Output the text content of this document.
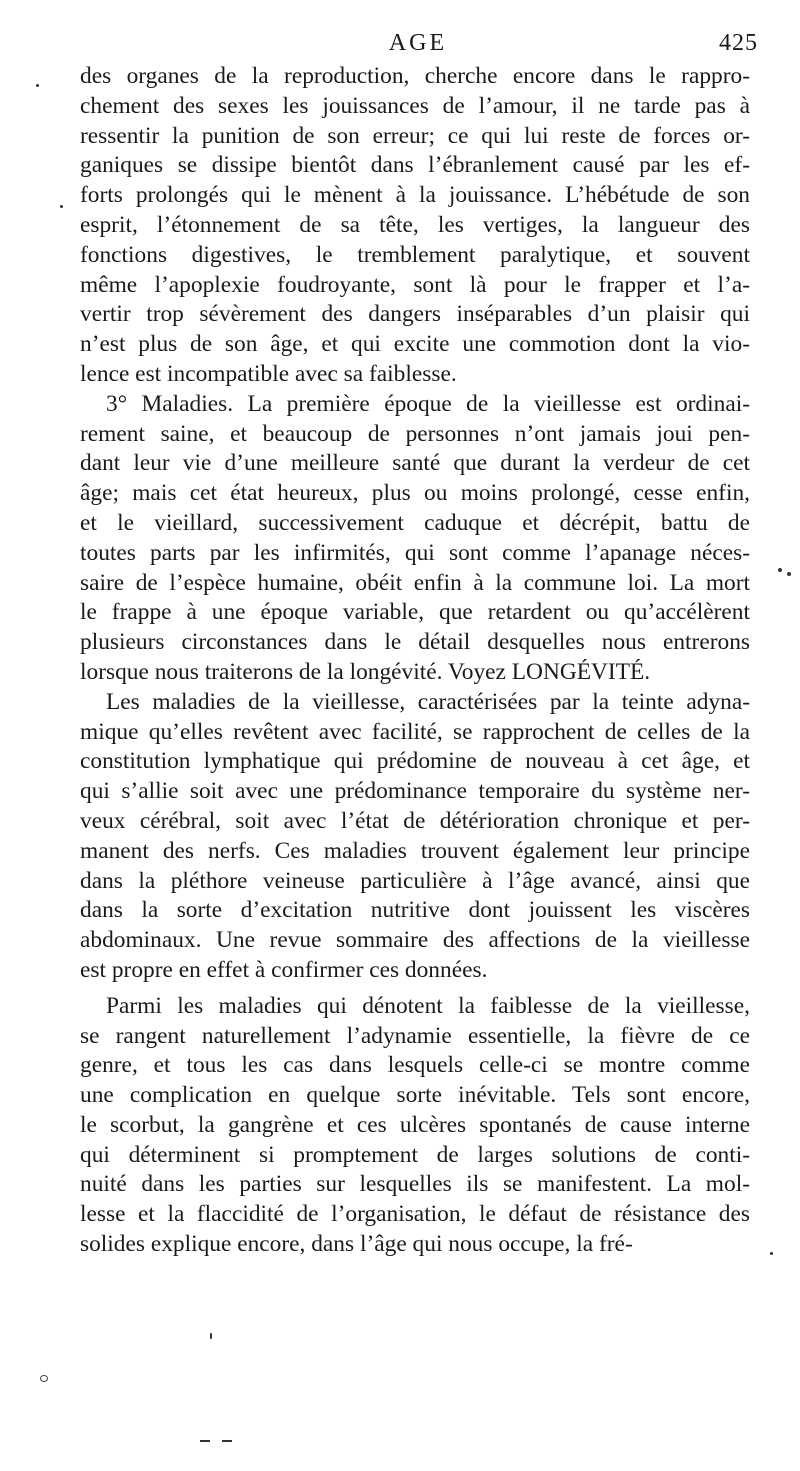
AGE	425
des organes de la reproduction, cherche encore dans le rappro-
chement des sexes les jouissances de l’amour, il ne tarde pas à
ressentir la punition de son erreur; ce qui lui reste de forces or-
ganiques se dissipe bientôt dans l’ébranlement causé par les ef-
forts prolongés qui le mènent à la jouissance. L’hébétude de son
esprit, l’étonnement de sa tête, les vertiges, la langueur des
fonctions digestives, le tremblement paralytique, et souvent
même l’apoplexie foudroyante, sont là pour le frapper et l’a-
vertir trop sévèrement des dangers inséparables d’un plaisir qui
n’est plus de son âge, et qui excite une commotion dont la vio-
lence est incompatible avec sa faiblesse.
3° Maladies. La première époque de la vieillesse est ordinai-
rement saine, et beaucoup de personnes n’ont jamais joui pen-
dant leur vie d’une meilleure santé que durant la verdeur de cet
âge; mais cet état heureux, plus ou moins prolongé, cesse enfin,
et le vieillard, successivement caduque et décrépit, battu de
toutes parts par les infirmités, qui sont comme l’apanage néces-
saire de l’espèce humaine, obéit enfin à la commune loi. La mort
le frappe à une époque variable, que retardent ou qu’accélèrent
plusieurs circonstances dans le détail desquelles nous entrerons
lorsque nous traiterons de la longévité. Voyez LONGÉVITÉ.
Les maladies de la vieillesse, caractérisées par la teinte adyna-
mique qu’elles revêtent avec facilité, se rapprochent de celles de la
constitution lymphatique qui prédomine de nouveau à cet âge, et
qui s’allie soit avec une prédominance temporaire du système ner-
veux cérébral, soit avec l’état de détérioration chronique et per-
manent des nerfs. Ces maladies trouvent également leur principe
dans la pléthore veineuse particulière à l’âge avancé, ainsi que
dans la sorte d’excitation nutritive dont jouissent les viscères
abdominaux. Une revue sommaire des affections de la vieillesse
est propre en effet à confirmer ces données.
Parmi les maladies qui dénotent la faiblesse de la vieillesse,
se rangent naturellement l’adynamie essentielle, la fièvre de ce
genre, et tous les cas dans lesquels celle-ci se montre comme
une complication en quelque sorte inévitable. Tels sont encore,
le scorbut, la gangrène et ces ulcères spontanés de cause interne
qui déterminent si promptement de larges solutions de conti-
nuité dans les parties sur lesquelles ils se manifestent. La mol-
lesse et la flaccidité de l’organisation, le défaut de résistance des
solides explique encore, dans l’âge qui nous occupe, la fré-
